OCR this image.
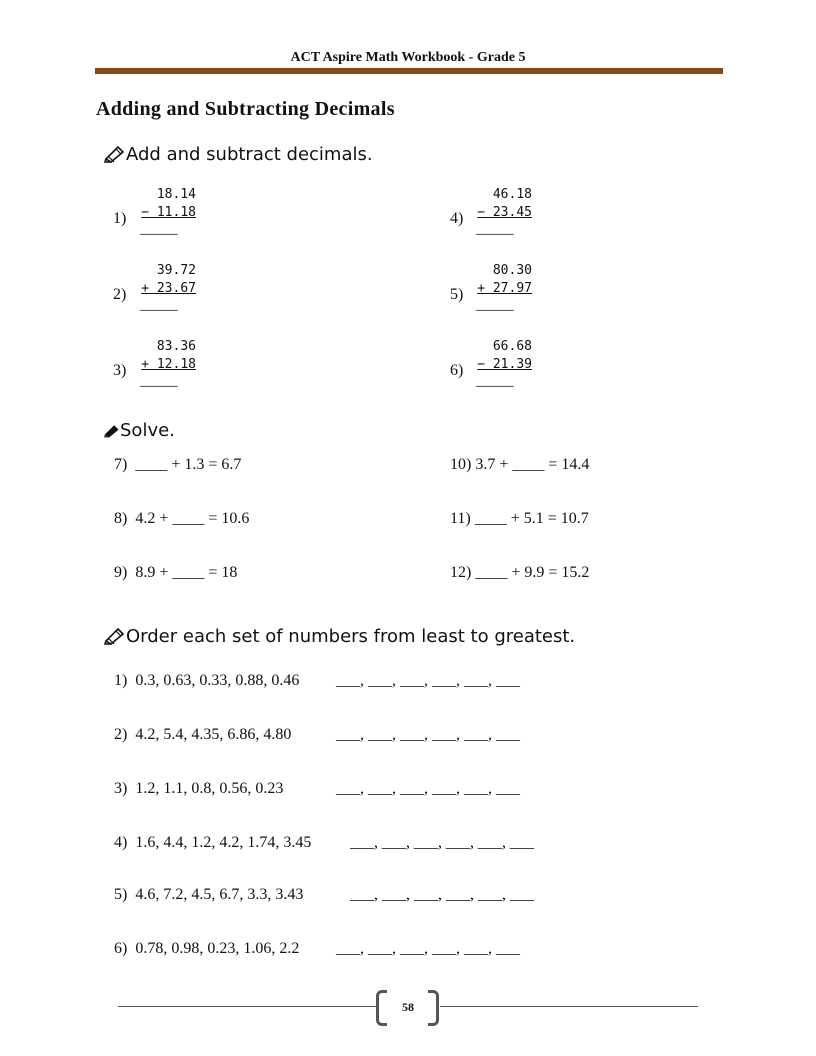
ACT Aspire Math Workbook - Grade 5
Adding and Subtracting Decimals
Add and subtract decimals.
1)
18.14
− 11.18
_____
2)
39.72
+ 23.67
_____
3)
83.36
+ 12.18
_____
4)
46.18
− 23.45
_____
5)
80.30
+ 27.97
_____
6)
66.68
− 21.39
_____
Solve.
7) ____ + 1.3 = 6.7
8) 4.2 + ____ = 10.6
9) 8.9 + ____ = 18
10) 3.7 + ____ = 14.4
11) ____ + 5.1 = 10.7
12) ____ + 9.9 = 15.2
Order each set of numbers from least to greatest.
1) 0.3, 0.63, 0.33, 0.88, 0.46 ___, ___, ___, ___, ___, ___
2) 4.2, 5.4, 4.35, 6.86, 4.80	___, ___, ___, ___, ___, ___
3) 1.2, 1.1, 0.8, 0.56, 0.23	___, ___, ___, ___, ___, ___
4) 1.6, 4.4, 1.2, 4.2, 1.74, 3.45 ___, ___, ___, ___, ___, ___
5) 4.6, 7.2, 4.5, 6.7, 3.3, 3.43	___, ___, ___, ___, ___, ___
6) 0.78, 0.98, 0.23, 1.06, 2.2 ___, ___, ___, ___, ___, ___
58
